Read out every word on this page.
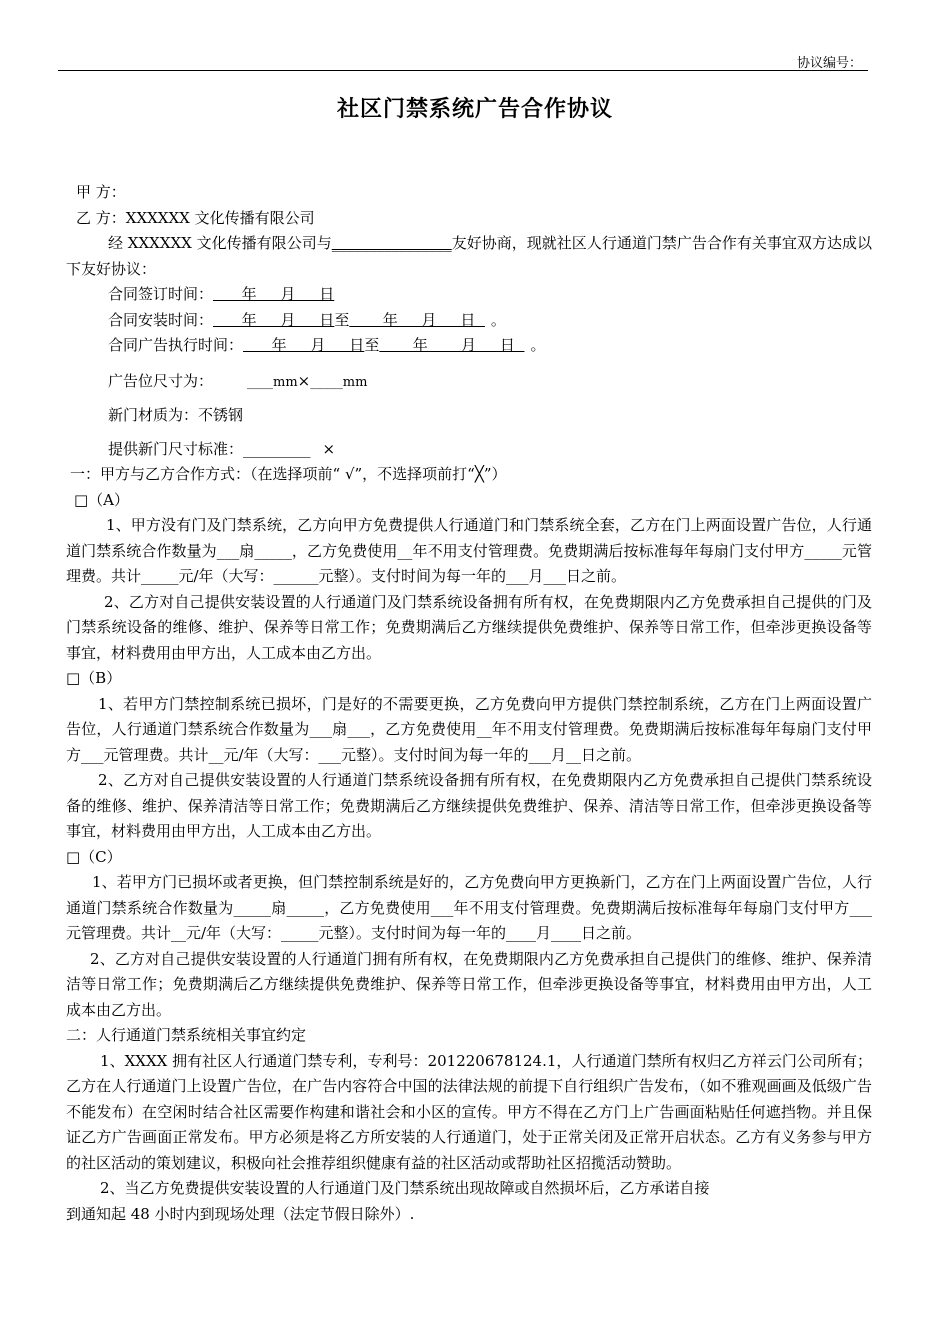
协议编号：
社区门禁系统广告合作协议
甲 方：
乙 方：XXXXXX 文化传播有限公司

经 XXXXXX 文化传播有限公司与________________友好协商，现就社区人行通道门禁广告合作有关事宜双方达成以下友好协议：

合同签订时间：      年     月     日
合同安装时间：      年     月     日至       年     月     日  。
合同广告执行时间：      年     月     日至       年       月     日  。
广告位尺寸为：	____mm×_____mm
新门材质为：不锈钢
提供新门尺寸标准：_________ ×
一：甲方与乙方合作方式：（在选择项前“ √”，不选择项前打“╳”）
□（A）

1、甲方没有门及门禁系统，乙方向甲方免费提供人行通道门和门禁系统全套，乙方在门上两面设置广告位，人行通道门禁系统合作数量为___扇_____，乙方免费使用__年不用支付管理费。免费期满后按标准每年每扇门支付甲方_____元管理费。共计_____元/年（大写：______元整）。支付时间为每一年的___月___日之前。

2、乙方对自己提供安装设置的人行通道门及门禁系统设备拥有所有权，在免费期限内乙方免费承担自己提供的门及门禁系统设备的维修、维护、保养等日常工作；免费期满后乙方继续提供免费维护、保养等日常工作，但牵涉更换设备等事宜，材料费用由甲方出，人工成本由乙方出。

□（B）

1、若甲方门禁控制系统已损坏，门是好的不需要更换，乙方免费向甲方提供门禁控制系统，乙方在门上两面设置广告位，人行通道门禁系统合作数量为___扇___，乙方免费使用__年不用支付管理费。免费期满后按标准每年每扇门支付甲方___元管理费。共计__元/年（大写：___元整）。支付时间为每一年的___月__日之前。

2、乙方对自己提供安装设置的人行通道门禁系统设备拥有所有权，在免费期限内乙方免费承担自己提供门禁系统设备的维修、维护、保养清洁等日常工作；免费期满后乙方继续提供免费维护、保养、清洁等日常工作，但牵涉更换设备等事宜，材料费用由甲方出，人工成本由乙方出。

□（C）

1、若甲方门已损坏或者更换，但门禁控制系统是好的，乙方免费向甲方更换新门，乙方在门上两面设置广告位，人行通道门禁系统合作数量为_____扇_____，乙方免费使用___年不用支付管理费。免费期满后按标准每年每扇门支付甲方___元管理费。共计__元/年（大写：_____元整）。支付时间为每一年的____月____日之前。

2、乙方对自己提供安装设置的人行通道门拥有所有权，在免费期限内乙方免费承担自己提供门的维修、维护、保养清洁等日常工作；免费期满后乙方继续提供免费维护、保养等日常工作，但牵涉更换设备等事宜，材料费用由甲方出，人工成本由乙方出。

二：人行通道门禁系统相关事宜约定

1、XXXX 拥有社区人行通道门禁专利，专利号：201220678124.1，人行通道门禁所有权归乙方祥云门公司所有；乙方在人行通道门上设置广告位，在广告内容符合中国的法律法规的前提下自行组织广告发布，（如不雅观画画及低级广告不能发布）在空闲时结合社区需要作构建和谐社会和小区的宣传。甲方不得在乙方门上广告画面粘贴任何遮挡物。并且保证乙方广告画面正常发布。甲方必须是将乙方所安装的人行通道门，处于正常关闭及正常开启状态。乙方有义务参与甲方的社区活动的策划建议，积极向社会推荐组织健康有益的社区活动或帮助社区招揽活动赞助。

2、当乙方免费提供安装设置的人行通道门及门禁系统出现故障或自然损坏后，乙方承诺自接
到通知起 48 小时内到现场处理（法定节假日除外）.
